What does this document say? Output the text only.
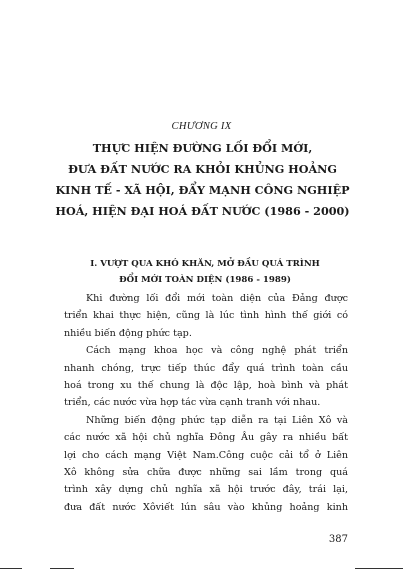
CHƯƠNG IX
THỰC HIỆN ĐƯỜNG LỐI ĐỔI MỚI,
ĐƯA ĐẤT NƯỚC RA KHỎI KHỦNG HOẢNG
KINH TẾ - XÃ HỘI, ĐẨY MẠNH CÔNG NGHIỆP
HOÁ, HIỆN ĐẠI HOÁ ĐẤT NƯỚC (1986 - 2000)
I. VƯỢT QUA KHÓ KHĂN, MỞ ĐẦU QUÁ TRÌNH
ĐỔI MỚI TOÀN DIỆN (1986 - 1989)
Khi đường lối đổi mới toàn diện của Đảng được
triển khai thực hiện, cũng là lúc tình hình thế giới có
nhiều biến động phức tạp.
Cách mạng khoa học và công nghệ phát triển
nhanh chóng, trực tiếp thúc đẩy quá trình toàn cầu
hoá trong xu thế chung là độc lập, hoà bình và phát
triển, các nước vừa hợp tác vừa cạnh tranh với nhau.
Những biến động phức tạp diễn ra tại Liên Xô và
các nước xã hội chủ nghĩa Đông Âu gây ra nhiều bất
lợi cho cách mạng Việt Nam.Công cuộc cải tổ ở Liên
Xô không sửa chữa được những sai lầm trong quá
trình xây dựng chủ nghĩa xã hội trước đây, trái lại,
đưa đất nước Xôviết lún sâu vào khủng hoảng kinh
387
